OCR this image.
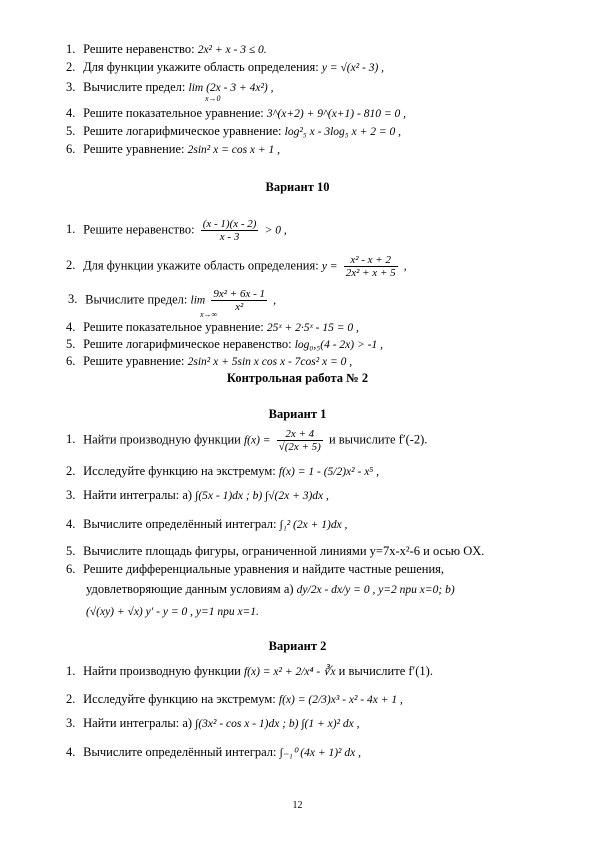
1. Решите неравенство: 2x² + x - 3 ≤ 0.
2. Для функции укажите область определения: y = √(x² - 3) ,
3. Вычислите предел: lim (2x - 3 + 4x²) ,
x→0
4. Решите показательное уравнение: 3^(x+2) + 9^(x+1) - 810 = 0 ,
5. Решите логарифмическое уравнение: log²₅ x - 3log₅ x + 2 = 0 ,
6. Решите уравнение: 2sin² x = cos x + 1 ,
Вариант 10
1. Решите неравенство: $\frac{(x - 1)(x - 2)}{x - 3} > 0$ ,
2. Для функции укажите область определения: $y = \frac{\text{x² - x + 2}}{\text{2x² + x + 5}}$ ,
3. Вычислите предел: $\lim \frac{\text{9x² + 6x - 1}}{\text{x²}}$ ,
x→∞
4. Решите показательное уравнение: 25ˣ + 2·5ˣ - 15 = 0 ,
5. Решите логарифмическое неравенство: log₀,₅(4 - 2x) > -1 ,
6. Решите уравнение: 2sin² x + 5sin x cos x - 7cos² x = 0 ,
Контрольная работа № 2
Вариант 1
1. Найти производную функции $f(x) = \frac{2x + 4}{√(2x + 5)}$ и вычислите f′(-2).
2. Исследуйте функцию на экстремум: f(x) = 1 - (5/2)x² - x⁵ ,
3. Найти интегралы: а) ∫(5x - 1)dx ; b) ∫√(2x + 3)dx ,
4. Вычислите определённый интеграл: ∫₁² (2x + 1)dx ,
5. Вычислите площадь фигуры, ограниченной линиями y=7x-x²-6 и осью OX.
6. Решите дифференциальные уравнения и найдите частные решения,
удовлетворяющие данным условиям а) dy/2x - dx/y = 0 , y=2 при x=0; b)
(√(xy) + √x) y′ - y = 0 , y=1 при x=1.
Вариант 2
1. Найти производную функции f(x) = x² + 2/x⁴ - ∛x и вычислите f′(1).
2. Исследуйте функцию на экстремум: f(x) = (2/3)x³ - x² - 4x + 1 ,
3. Найти интегралы: а) ∫(3x² - cos x - 1)dx ; b) ∫(1 + x)² dx ,
4. Вычислите определённый интеграл: ∫₋₁⁰ (4x + 1)² dx ,
12
